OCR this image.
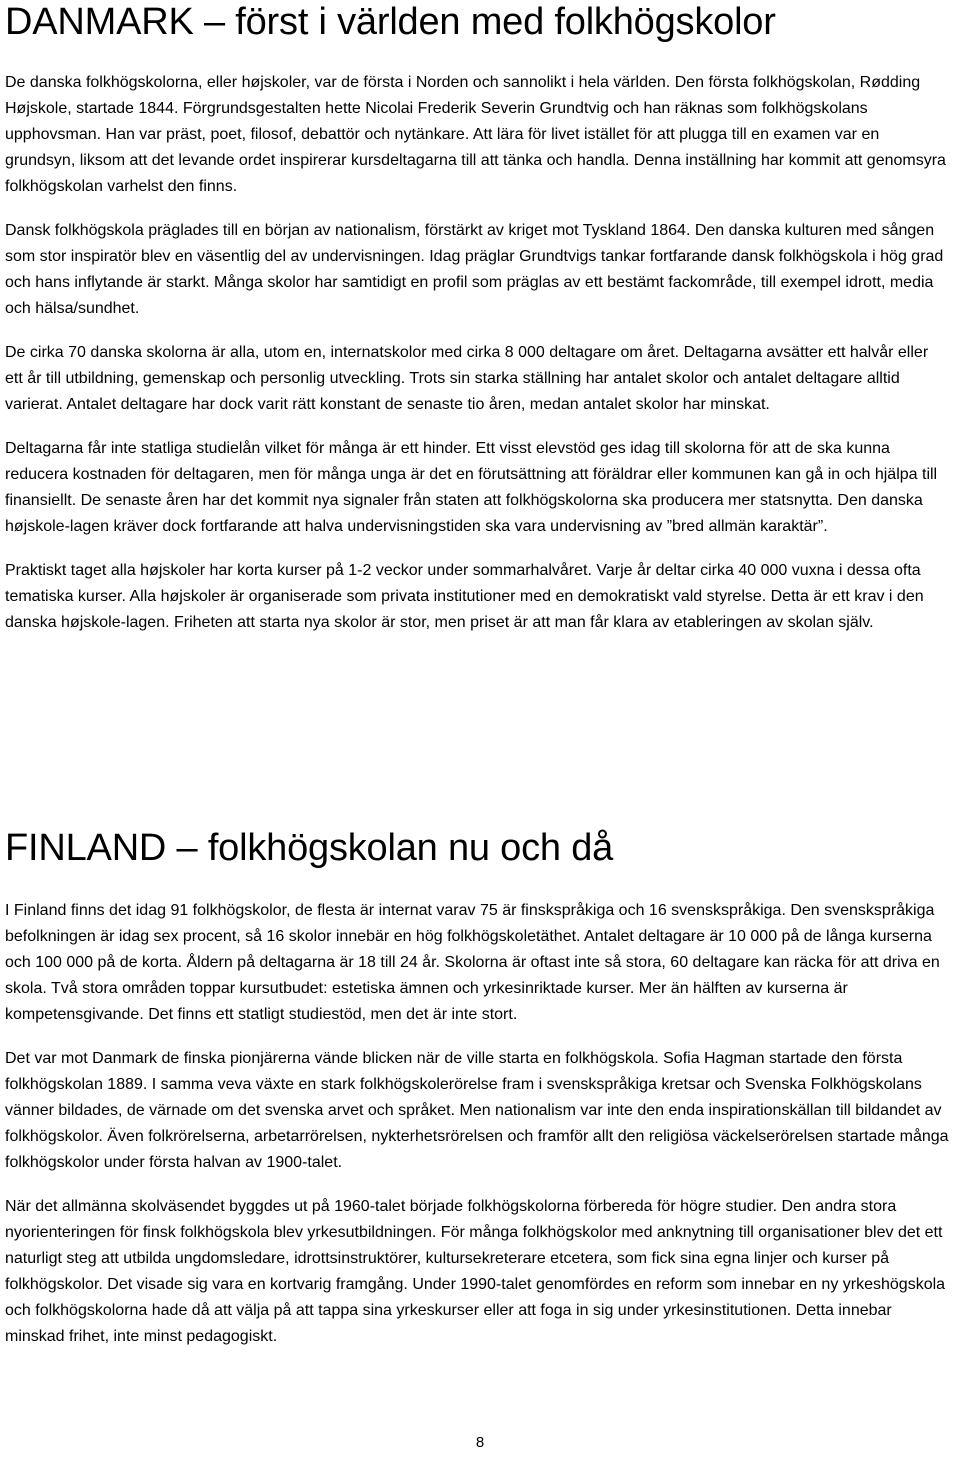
DANMARK – först i världen med folkhögskolor

De danska folkhögskolorna, eller højskoler, var de första i Norden och sannolikt i hela världen. Den första folkhögskolan, Rødding Højskole, startade 1844. Förgrundsgestalten hette Nicolai Frederik Severin Grundtvig och han räknas som folkhögskolans upphovsman. Han var präst, poet, filosof, debattör och nytänkare. Att lära för livet istället för att plugga till en examen var en grundsyn, liksom att det levande ordet inspirerar kursdeltagarna till att tänka och handla. Denna inställning har kommit att genomsyra folkhögskolan varhelst den finns.

Dansk folkhögskola präglades till en början av nationalism, förstärkt av kriget mot Tyskland 1864. Den danska kulturen med sången som stor inspiratör blev en väsentlig del av undervisningen. Idag präglar Grundtvigs tankar fortfarande dansk folkhögskola i hög grad och hans inflytande är starkt. Många skolor har samtidigt en profil som präglas av ett bestämt fackområde, till exempel idrott, media och hälsa/sundhet.

De cirka 70 danska skolorna är alla, utom en, internatskolor med cirka 8 000 deltagare om året. Deltagarna avsätter ett halvår eller ett år till utbildning, gemenskap och personlig utveckling. Trots sin starka ställning har antalet skolor och antalet deltagare alltid varierat. Antalet deltagare har dock varit rätt konstant de senaste tio åren, medan antalet skolor har minskat.

Deltagarna får inte statliga studielån vilket för många är ett hinder. Ett visst elevstöd ges idag till skolorna för att de ska kunna reducera kostnaden för deltagaren, men för många unga är det en förutsättning att föräldrar eller kommunen kan gå in och hjälpa till finansiellt. De senaste åren har det kommit nya signaler från staten att folkhögskolorna ska producera mer statsnytta. Den danska højskole-lagen kräver dock fortfarande att halva undervisningstiden ska vara undervisning av ”bred allmän karaktär”.

Praktiskt taget alla højskoler har korta kurser på 1-2 veckor under sommarhalvåret. Varje år deltar cirka 40 000 vuxna i dessa ofta tematiska kurser. Alla højskoler är organiserade som privata institutioner med en demokratiskt vald styrelse. Detta är ett krav i den danska højskole-lagen. Friheten att starta nya skolor är stor, men priset är att man får klara av etableringen av skolan själv.

FINLAND – folkhögskolan nu och då

I Finland finns det idag 91 folkhögskolor, de flesta är internat varav 75 är finskspråkiga och 16 svenskspråkiga. Den svenskspråkiga befolkningen är idag sex procent, så 16 skolor innebär en hög folkhögskoletäthet. Antalet deltagare är 10 000 på de långa kurserna och 100 000 på de korta. Åldern på deltagarna är 18 till 24 år. Skolorna är oftast inte så stora, 60 deltagare kan räcka för att driva en skola. Två stora områden toppar kursutbudet: estetiska ämnen och yrkesinriktade kurser. Mer än hälften av kurserna är kompetensgivande. Det finns ett statligt studiestöd, men det är inte stort.

Det var mot Danmark de finska pionjärerna vände blicken när de ville starta en folkhögskola. Sofia Hagman startade den första folkhögskolan 1889. I samma veva växte en stark folkhögskolerörelse fram i svenskspråkiga kretsar och Svenska Folkhögskolans vänner bildades, de värnade om det svenska arvet och språket. Men nationalism var inte den enda inspirationskällan till bildandet av folkhögskolor. Även folkrörelserna, arbetarrörelsen, nykterhetsrörelsen och framför allt den religiösa väckelserörelsen startade många folkhögskolor under första halvan av 1900-talet.

När det allmänna skolväsendet byggdes ut på 1960-talet började folkhögskolorna förbereda för högre studier. Den andra stora nyorienteringen för finsk folkhögskola blev yrkesutbildningen. För många folkhögskolor med anknytning till organisationer blev det ett naturligt steg att utbilda ungdomsledare, idrottsinstruktörer, kultursekreterare etcetera, som fick sina egna linjer och kurser på folkhögskolor. Det visade sig vara en kortvarig framgång. Under 1990-talet genomfördes en reform som innebar en ny yrkeshögskola och folkhögskolorna hade då att välja på att tappa sina yrkeskurser eller att foga in sig under yrkesinstitutionen. Detta innebar minskad frihet, inte minst pedagogiskt.

8
